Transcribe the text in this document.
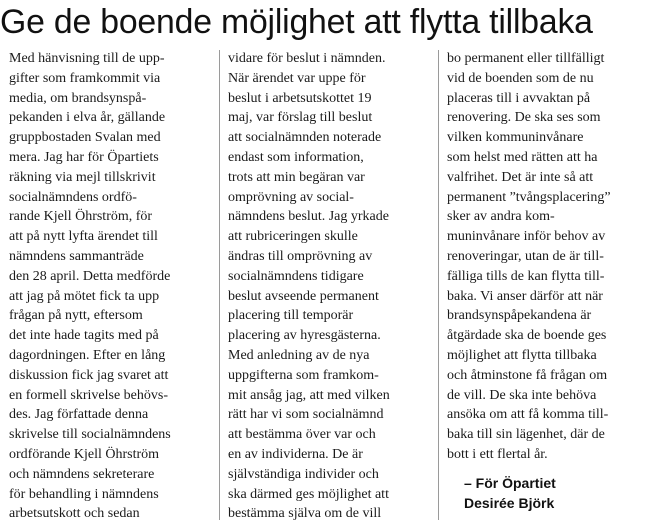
Ge de boende möjlighet att flytta tillbaka
Med hänvisning till de upp-
gifter som framkommit via
media, om brandsynspå-
pekanden i elva år, gällande
gruppbostaden Svalan med
mera. Jag har för Öpartiets
räkning via mejl tillskrivit
socialnämndens ordfö-
rande Kjell Öhrström, för
att på nytt lyfta ärendet till
nämndens sammanträde
den 28 april. Detta medförde
att jag på mötet fick ta upp
frågan på nytt, eftersom
det inte hade tagits med på
dagordningen. Efter en lång
diskussion fick jag svaret att
en formell skrivelse behövs-
des. Jag författade denna
skrivelse till socialnämndens
ordförande Kjell Öhrström
och nämndens sekreterare
för behandling i nämndens
arbetsutskott och sedan
vidare för beslut i nämnden.
När ärendet var uppe för
beslut i arbetsutskottet 19
maj, var förslag till beslut
att socialnämnden noterade
endast som information,
trots att min begäran var
omprövning av social-
nämndens beslut. Jag yrkade
att rubriceringen skulle
ändras till omprövning av
socialnämndens tidigare
beslut avseende permanent
placering till temporär
placering av hyresgästerna.
Med anledning av de nya
uppgifterna som framkom-
mit ansåg jag, att med vilken
rätt har vi som socialnämnd
att bestämma över var och
en av individerna. De är
självständiga individer och
ska därmed ges möjlighet att
bestämma själva om de vill
bo permanent eller tillfälligt
vid de boenden som de nu
placeras till i avvaktan på
renovering. De ska ses som
vilken kommuninvånare
som helst med rätten att ha
valfrihet. Det är inte så att
permanent ”tvångsplacering”
sker av andra kom-
muninvånare inför behov av
renoveringar, utan de är till-
fälliga tills de kan flytta till-
baka. Vi anser därför att när
brandsynspåpekandena är
åtgärdade ska de boende ges
möjlighet att flytta tillbaka
och åtminstone få frågan om
de vill. De ska inte behöva
ansöka om att få komma till-
baka till sin lägenhet, där de
bott i ett flertal år.
– För Öpartiet
Desirée Björk
